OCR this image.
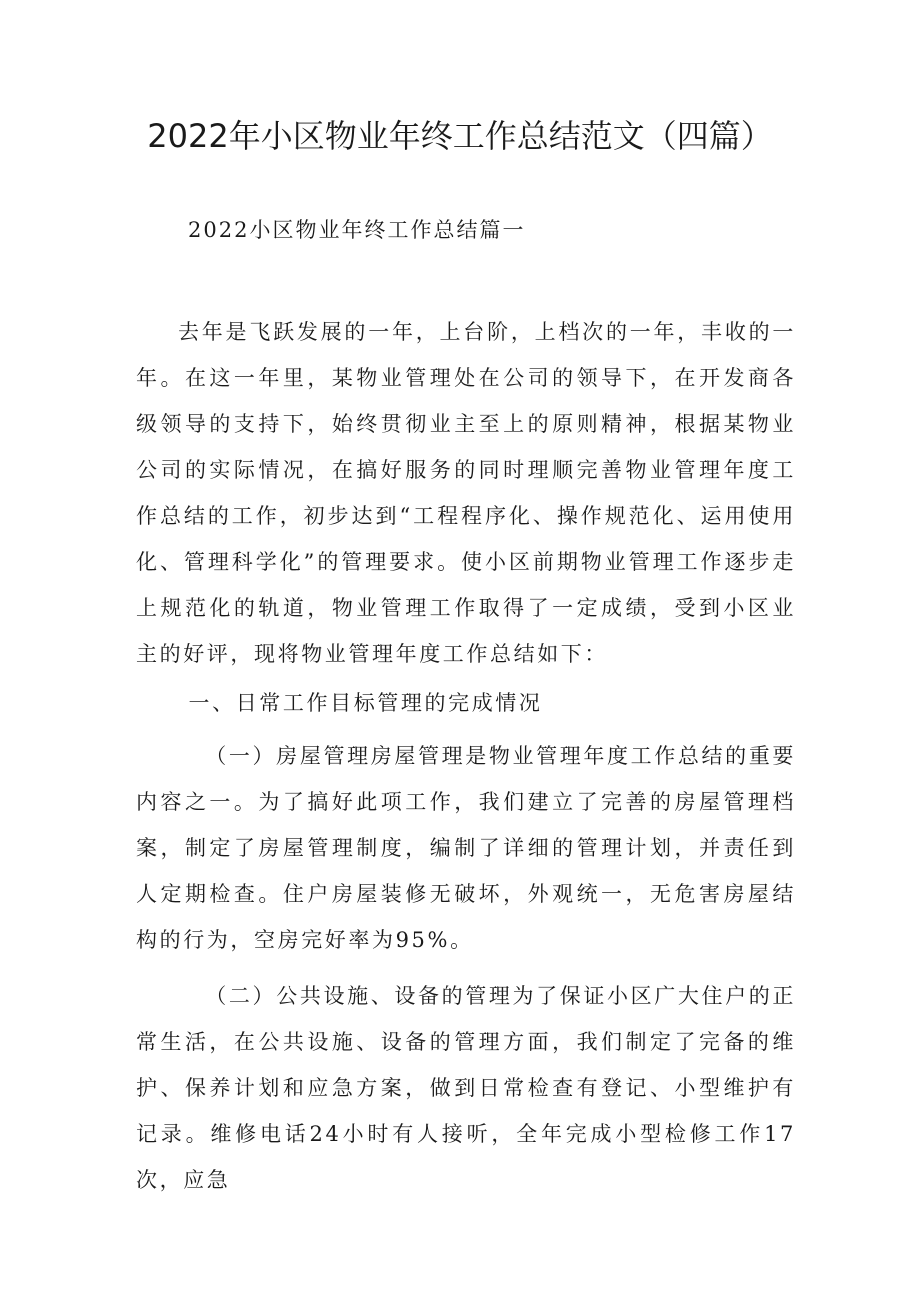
2022年小区物业年终工作总结范文（四篇）
2022小区物业年终工作总结篇一

去年是飞跃发展的一年，上台阶，上档次的一年，丰收的一年。在这一年里，某物业管理处在公司的领导下，在开发商各级领导的支持下，始终贯彻业主至上的原则精神，根据某物业公司的实际情况，在搞好服务的同时理顺完善物业管理年度工作总结的工作，初步达到“工程程序化、操作规范化、运用使用化、管理科学化”的管理要求。使小区前期物业管理工作逐步走上规范化的轨道，物业管理工作取得了一定成绩，受到小区业主的好评，现将物业管理年度工作总结如下：

一、日常工作目标管理的完成情况

（一）房屋管理房屋管理是物业管理年度工作总结的重要内容之一。为了搞好此项工作，我们建立了完善的房屋管理档案，制定了房屋管理制度，编制了详细的管理计划，并责任到人定期检查。住户房屋装修无破坏，外观统一，无危害房屋结构的行为，空房完好率为95%。

（二）公共设施、设备的管理为了保证小区广大住户的正常生活，在公共设施、设备的管理方面，我们制定了完备的维护、保养计划和应急方案，做到日常检查有登记、小型维护有记录。维修电话24小时有人接听，全年完成小型检修工作17次，应急
